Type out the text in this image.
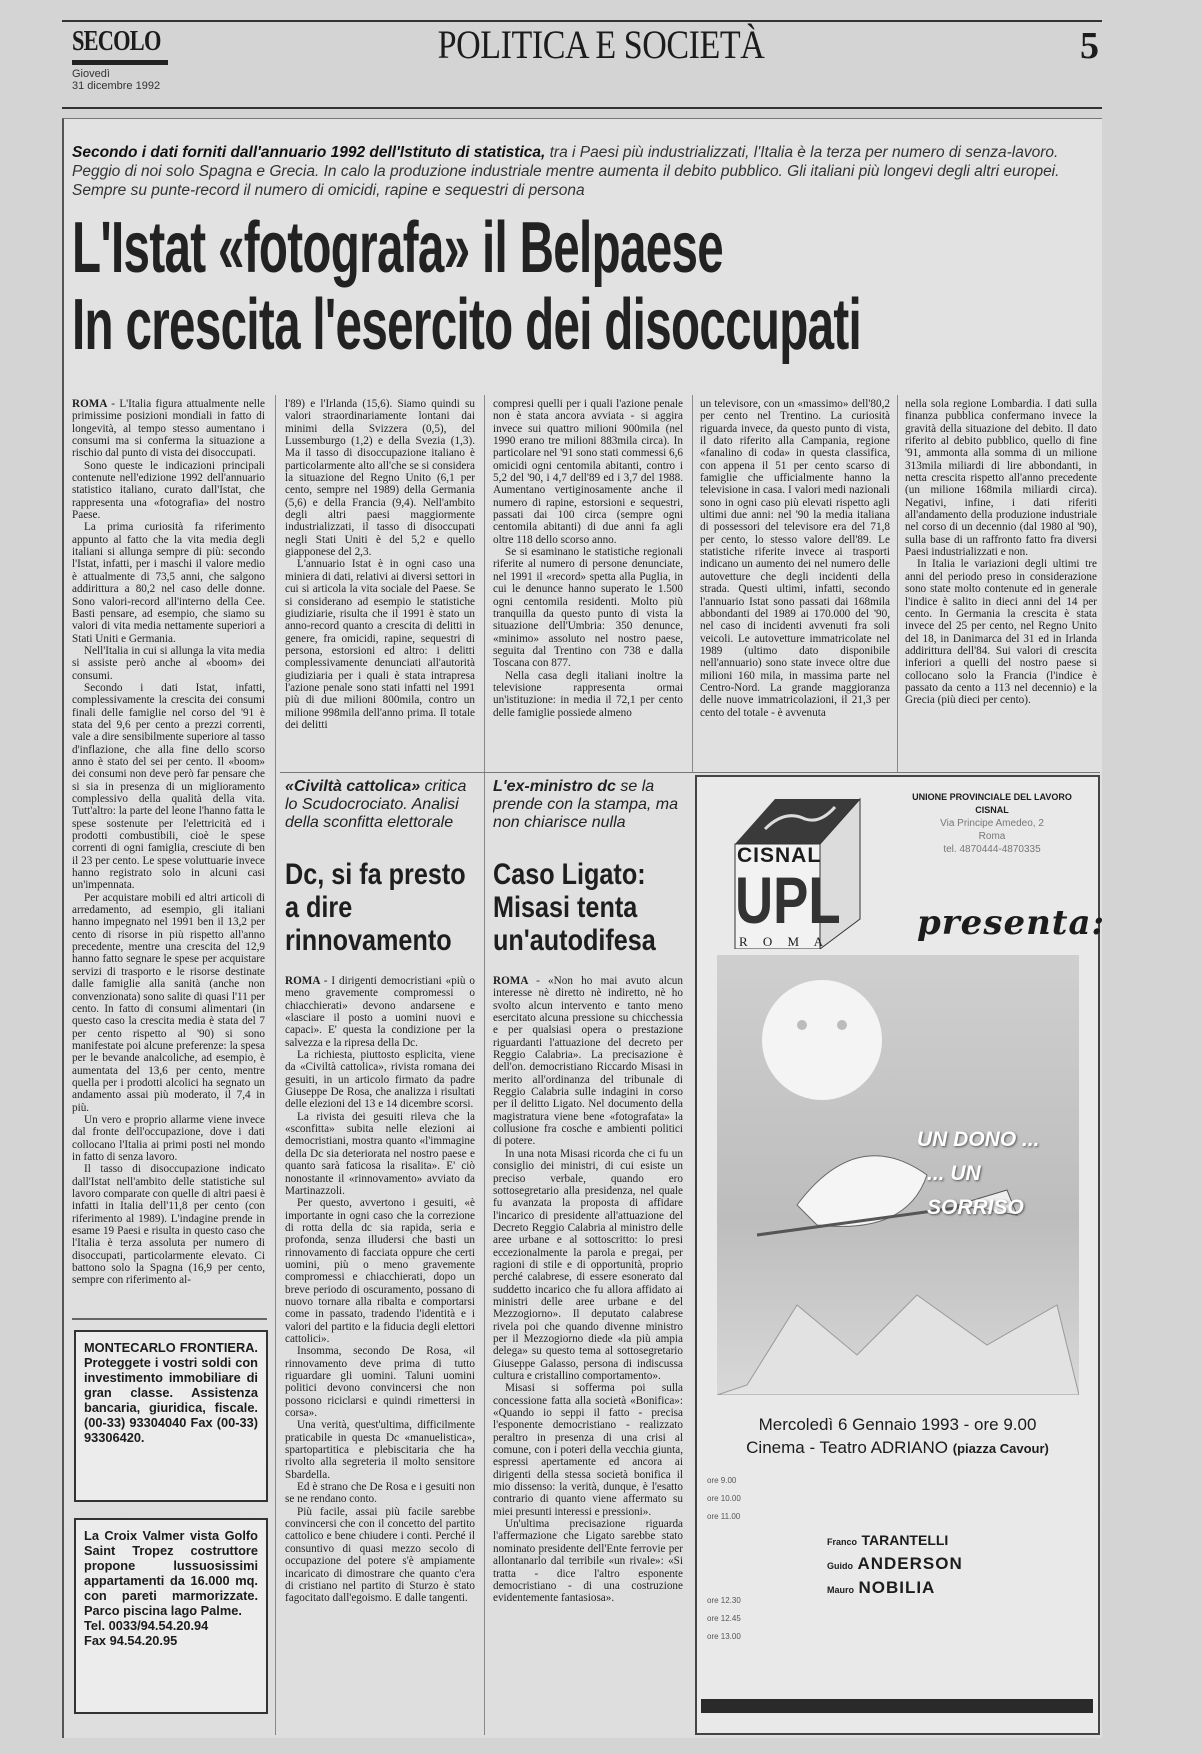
SECOLO
Giovedì
31 dicembre 1992
POLITICA E SOCIETÀ	5
Secondo i dati forniti dall'annuario 1992 dell'Istituto di statistica, tra i Paesi più industrializzati, l'Italia è la terza per numero di senza-lavoro. Peggio di noi solo Spagna e Grecia. In calo la produzione industriale mentre aumenta il debito pubblico. Gli italiani più longevi degli altri europei. Sempre su punte-record il numero di omicidi, rapine e sequestri di persona
L'Istat «fotografa» il Belpaese
In crescita l'esercito dei disoccupati

ROMA - L'Italia figura attualmente nelle primissime posizioni mondiali in fatto di longevità, al tempo stesso aumentano i consumi ma si conferma la situazione a rischio dal punto di vista dei disoccupati.

Sono queste le indicazioni principali contenute nell'edizione 1992 dell'annuario statistico italiano, curato dall'Istat, che rappresenta una «fotografia» del nostro Paese.

La prima curiosità fa riferimento appunto al fatto che la vita media degli italiani si allunga sempre di più: secondo l'Istat, infatti, per i maschi il valore medio è attualmente di 73,5 anni, che salgono addirittura a 80,2 nel caso delle donne. Sono valori-record all'interno della Cee. Basti pensare, ad esempio, che siamo su valori di vita media nettamente superiori a Stati Uniti e Germania.

Nell'Italia in cui si allunga la vita media si assiste però anche al «boom» dei consumi.

Secondo i dati Istat, infatti, complessivamente la crescita dei consumi finali delle famiglie nel corso del '91 è stata del 9,6 per cento a prezzi correnti, vale a dire sensibilmente superiore al tasso d'inflazione, che alla fine dello scorso anno è stato del sei per cento. Il «boom» dei consumi non deve però far pensare che si sia in presenza di un miglioramento complessivo della qualità della vita. Tutt'altro: la parte del leone l'hanno fatta le spese sostenute per l'elettricità ed i prodotti combustibili, cioè le spese correnti di ogni famiglia, cresciute di ben il 23 per cento. Le spese voluttuarie invece hanno registrato solo in alcuni casi un'impennata.

Per acquistare mobili ed altri articoli di arredamento, ad esempio, gli italiani hanno impegnato nel 1991 ben il 13,2 per cento di risorse in più rispetto all'anno precedente, mentre una crescita del 12,9 hanno fatto segnare le spese per acquistare servizi di trasporto e le risorse destinate dalle famiglie alla sanità (anche non convenzionata) sono salite di quasi l'11 per cento. In fatto di consumi alimentari (in questo caso la crescita media è stata del 7 per cento rispetto al '90) si sono manifestate poi alcune preferenze: la spesa per le bevande analcoliche, ad esempio, è aumentata del 13,6 per cento, mentre quella per i prodotti alcolici ha segnato un andamento assai più moderato, il 7,4 in più.

Un vero e proprio allarme viene invece dal fronte dell'occupazione, dove i dati collocano l'Italia ai primi posti nel mondo in fatto di senza lavoro.

Il tasso di disoccupazione indicato dall'Istat nell'ambito delle statistiche sul lavoro comparate con quelle di altri paesi è infatti in Italia dell'11,8 per cento (con riferimento al 1989). L'indagine prende in esame 19 Paesi e risulta in questo caso che l'Italia è terza assoluta per numero di disoccupati, particolarmente elevato. Ci battono solo la Spagna (16,9 per cento, sempre con riferimento al-

l'89) e l'Irlanda (15,6). Siamo quindi su valori straordinariamente lontani dai minimi della Svizzera (0,5), del Lussemburgo (1,2) e della Svezia (1,3). Ma il tasso di disoccupazione italiano è particolarmente alto all'che se si considera la situazione del Regno Unito (6,1 per cento, sempre nel 1989) della Germania (5,6) e della Francia (9,4). Nell'ambito degli altri paesi maggiormente industrializzati, il tasso di disoccupati negli Stati Uniti è del 5,2 e quello giapponese del 2,3.

L'annuario Istat è in ogni caso una miniera di dati, relativi ai diversi settori in cui si articola la vita sociale del Paese. Se si considerano ad esempio le statistiche giudiziarie, risulta che il 1991 è stato un anno-record quanto a crescita di delitti in genere, fra omicidi, rapine, sequestri di persona, estorsioni ed altro: i delitti complessivamente denunciati all'autorità giudiziaria per i quali è stata intrapresa l'azione penale sono stati infatti nel 1991 più di due milioni 800mila, contro un milione 998mila dell'anno prima. Il totale dei delitti

compresi quelli per i quali l'azione penale non è stata ancora avviata - si aggira invece sui quattro milioni 900mila (nel 1990 erano tre milioni 883mila circa). In particolare nel '91 sono stati commessi 6,6 omicidi ogni centomila abitanti, contro i 5,2 del '90, i 4,7 dell'89 ed i 3,7 del 1988. Aumentano vertiginosamente anche il numero di rapine, estorsioni e sequestri, passati dai 100 circa (sempre ogni centomila abitanti) di due anni fa agli oltre 118 dello scorso anno.

Se si esaminano le statistiche regionali riferite al numero di persone denunciate, nel 1991 il «record» spetta alla Puglia, in cui le denunce hanno superato le 1.500 ogni centomila residenti. Molto più tranquilla da questo punto di vista la situazione dell'Umbria: 350 denunce, «minimo» assoluto nel nostro paese, seguita dal Trentino con 738 e dalla Toscana con 877.

Nella casa degli italiani inoltre la televisione rappresenta ormai un'istituzione: in media il 72,1 per cento delle famiglie possiede almeno

un televisore, con un «massimo» dell'80,2 per cento nel Trentino. La curiosità riguarda invece, da questo punto di vista, il dato riferito alla Campania, regione «fanalino di coda» in questa classifica, con appena il 51 per cento scarso di famiglie che ufficialmente hanno la televisione in casa. I valori medi nazionali sono in ogni caso più elevati rispetto agli ultimi due anni: nel '90 la media italiana di possessori del televisore era del 71,8 per cento, lo stesso valore dell'89. Le statistiche riferite invece ai trasporti indicano un aumento dei nel numero delle autovetture che degli incidenti della strada. Questi ultimi, infatti, secondo l'annuario Istat sono passati dai 168mila abbondanti del 1989 ai 170.000 del '90, nel caso di incidenti avvenuti fra soli veicoli. Le autovetture immatricolate nel 1989 (ultimo dato disponibile nell'annuario) sono state invece oltre due milioni 160 mila, in massima parte nel Centro-Nord. La grande maggioranza delle nuove immatricolazioni, il 21,3 per cento del totale - è avvenuta

nella sola regione Lombardia. I dati sulla finanza pubblica confermano invece la gravità della situazione del debito. Il dato riferito al debito pubblico, quello di fine '91, ammonta alla somma di un milione 313mila miliardi di lire abbondanti, in netta crescita rispetto all'anno precedente (un milione 168mila miliardi circa). Negativi, infine, i dati riferiti all'andamento della produzione industriale nel corso di un decennio (dal 1980 al '90), sulla base di un raffronto fatto fra diversi Paesi industrializzati e non.

In Italia le variazioni degli ultimi tre anni del periodo preso in considerazione sono state molto contenute ed in generale l'indice è salito in dieci anni del 14 per cento. In Germania la crescita è stata invece del 25 per cento, nel Regno Unito del 18, in Danimarca del 31 ed in Irlanda addirittura dell'84. Sui valori di crescita inferiori a quelli del nostro paese si collocano solo la Francia (l'indice è passato da cento a 113 nel decennio) e la Grecia (più dieci per cento).

«Civiltà cattolica» critica lo Scudocrociato. Analisi della sconfitta elettorale
Dc, si fa presto
a dire
rinnovamento

ROMA - I dirigenti democristiani «più o meno gravemente compromessi o chiacchierati» devono andarsene e «lasciare il posto a uomini nuovi e capaci». E' questa la condizione per la salvezza e la ripresa della Dc.

La richiesta, piuttosto esplicita, viene da «Civiltà cattolica», rivista romana dei gesuiti, in un articolo firmato da padre Giuseppe De Rosa, che analizza i risultati delle elezioni del 13 e 14 dicembre scorsi.

La rivista dei gesuiti rileva che la «sconfitta» subita nelle elezioni ai democristiani, mostra quanto «l'immagine della Dc sia deteriorata nel nostro paese e quanto sarà faticosa la risalita». E' ciò nonostante il «rinnovamento» avviato da Martinazzoli.

Per questo, avvertono i gesuiti, «è importante in ogni caso che la correzione di rotta della dc sia rapida, seria e profonda, senza illudersi che basti un rinnovamento di facciata oppure che certi uomini, più o meno gravemente compromessi e chiacchierati, dopo un breve periodo di oscuramento, possano di nuovo tornare alla ribalta e comportarsi come in passato, tradendo l'identità e i valori del partito e la fiducia degli elettori cattolici».

Insomma, secondo De Rosa, «il rinnovamento deve prima di tutto riguardare gli uomini. Taluni uomini politici devono convincersi che non possono riciclarsi e quindi rimettersi in corsa».

Una verità, quest'ultima, difficilmente praticabile in questa Dc «manuelistica», spartopartitica e plebiscitaria che ha rivolto alla segreteria il molto sensitore Sbardella.

Ed è strano che De Rosa e i gesuiti non se ne rendano conto.

Più facile, assai più facile sarebbe convincersi che con il concetto del partito cattolico e bene chiudere i conti. Perché il consuntivo di quasi mezzo secolo di occupazione del potere s'è ampiamente incaricato di dimostrare che quanto c'era di cristiano nel partito di Sturzo è stato fagocitato dall'egoismo. E dalle tangenti.

L'ex-ministro dc se la prende con la stampa, ma non chiarisce nulla
Caso Ligato:
Misasi tenta
un'autodifesa

ROMA - «Non ho mai avuto alcun interesse nè diretto nè indiretto, nè ho svolto alcun intervento e tanto meno esercitato alcuna pressione su chicchessia e per qualsiasi opera o prestazione riguardanti l'attuazione del decreto per Reggio Calabria». La precisazione è dell'on. democristiano Riccardo Misasi in merito all'ordinanza del tribunale di Reggio Calabria sulle indagini in corso per il delitto Ligato. Nel documento della magistratura viene bene «fotografata» la collusione fra cosche e ambienti politici di potere.

In una nota Misasi ricorda che ci fu un consiglio dei ministri, di cui esiste un preciso verbale, quando ero sottosegretario alla presidenza, nel quale fu avanzata la proposta di affidare l'incarico di presidente all'attuazione del Decreto Reggio Calabria al ministro delle aree urbane e al sottoscritto: lo presi eccezionalmente la parola e pregai, per ragioni di stile e di opportunità, proprio perché calabrese, di essere esonerato dal suddetto incarico che fu allora affidato ai ministri delle aree urbane e del Mezzogiorno». Il deputato calabrese rivela poi che quando divenne ministro per il Mezzogiorno diede «la più ampia delega» su questo tema al sottosegretario Giuseppe Galasso, persona di indiscussa cultura e cristallino comportamento».

Misasi si sofferma poi sulla concessione fatta alla società «Bonifica»: «Quando io seppi il fatto - precisa l'esponente democristiano - realizzato peraltro in presenza di una crisi al comune, con i poteri della vecchia giunta, espressi apertamente ed ancora ai dirigenti della stessa società bonifica il mio dissenso: la verità, dunque, è l'esatto contrario di quanto viene affermato su miei presunti interessi e pressioni».

Un'ultima precisazione riguarda l'affermazione che Ligato sarebbe stato nominato presidente dell'Ente ferrovie per allontanarlo dal terribile «un rivale»: «Si tratta - dice l'altro esponente democristiano - di una costruzione evidentemente fantasiosa».

MONTECARLO FRONTIERA. Proteggete i vostri soldi con investimento immobiliare di gran classe. Assistenza bancaria, giuridica, fiscale. (00-33) 93304040 Fax (00-33) 93306420.
La Croix Valmer vista Golfo Saint Tropez costruttore propone lussuosissimi appartamenti da 16.000 mq. con pareti marmorizzate. Parco piscina lago Palme.
Tel. 0033/94.54.20.94
Fax 94.54.20.95
CISNAL
UPL
R O M A
UNIONE PROVINCIALE DEL LAVORO
CISNAL
Via Principe Amedeo, 2
Roma
tel. 4870444-4870335
presenta:
UN DONO ...
... UN SORRISO
Mercoledì 6 Gennaio 1993 - ore 9.00
Cinema - Teatro ADRIANO (piazza Cavour)
ore 9.00
ore 10.00
ore 11.00
ore 12.30
ore 12.45
ore 13.00
Franco TARANTELLI
Guido ANDERSON
Mauro NOBILIA
